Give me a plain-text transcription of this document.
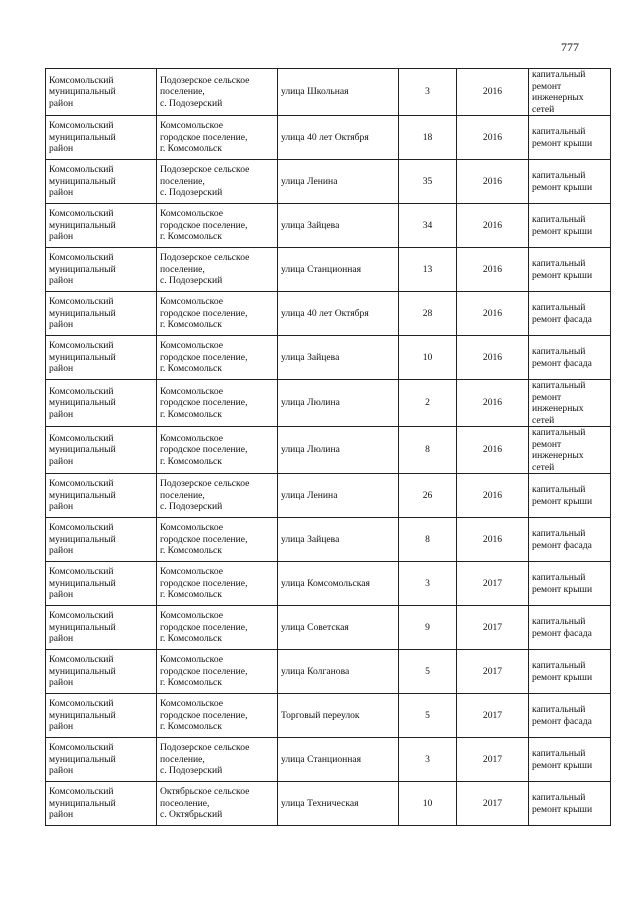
777
Комсомольский
муниципальный
район	Подозерское сельское
поселение,
с. Подозерский	улица Школьная	3	2016	капитальный
ремонт
инженерных
сетей

Комсомольский
муниципальный
район	Комсомольское
городское поселение,
г. Комсомольск	улица 40 лет Октября	18	2016	капитальный
ремонт крыши

Комсомольский
муниципальный
район	Подозерское сельское
поселение,
с. Подозерский	улица Ленина	35	2016	капитальный
ремонт крыши

Комсомольский
муниципальный
район	Комсомольское
городское поселение,
г. Комсомольск	улица Зайцева	34	2016	капитальный
ремонт крыши

Комсомольский
муниципальный
район	Подозерское сельское
поселение,
с. Подозерский	улица Станционная	13	2016	капитальный
ремонт крыши

Комсомольский
муниципальный
район	Комсомольское
городское поселение,
г. Комсомольск	улица 40 лет Октября	28	2016	капитальный
ремонт фасада

Комсомольский
муниципальный
район	Комсомольское
городское поселение,
г. Комсомольск	улица Зайцева	10	2016	капитальный
ремонт фасада

Комсомольский
муниципальный
район	Комсомольское
городское поселение,
г. Комсомольск	улица Люлина	2	2016	капитальный
ремонт
инженерных
сетей

Комсомольский
муниципальный
район	Комсомольское
городское поселение,
г. Комсомольск	улица Люлина	8	2016	капитальный
ремонт
инженерных
сетей

Комсомольский
муниципальный
район	Подозерское сельское
поселение,
с. Подозерский	улица Ленина	26	2016	капитальный
ремонт крыши

Комсомольский
муниципальный
район	Комсомольское
городское поселение,
г. Комсомольск	улица Зайцева	8	2016	капитальный
ремонт фасада

Комсомольский
муниципальный
район	Комсомольское
городское поселение,
г. Комсомольск	улица Комсомольская	3	2017	капитальный
ремонт крыши

Комсомольский
муниципальный
район	Комсомольское
городское поселение,
г. Комсомольск	улица Советская	9	2017	капитальный
ремонт фасада

Комсомольский
муниципальный
район	Комсомольское
городское поселение,
г. Комсомольск	улица Колганова	5	2017	капитальный
ремонт крыши

Комсомольский
муниципальный
район	Комсомольское
городское поселение,
г. Комсомольск	Торговый переулок	5	2017	капитальный
ремонт фасада

Комсомольский
муниципальный
район	Подозерское сельское
поселение,
с. Подозерский	улица Станционная	3	2017	капитальный
ремонт крыши

Комсомольский
муниципальный
район	Октябрьское сельское
посеоление,
с. Октябрьский	улица Техническая	10	2017	капитальный
ремонт крыши
